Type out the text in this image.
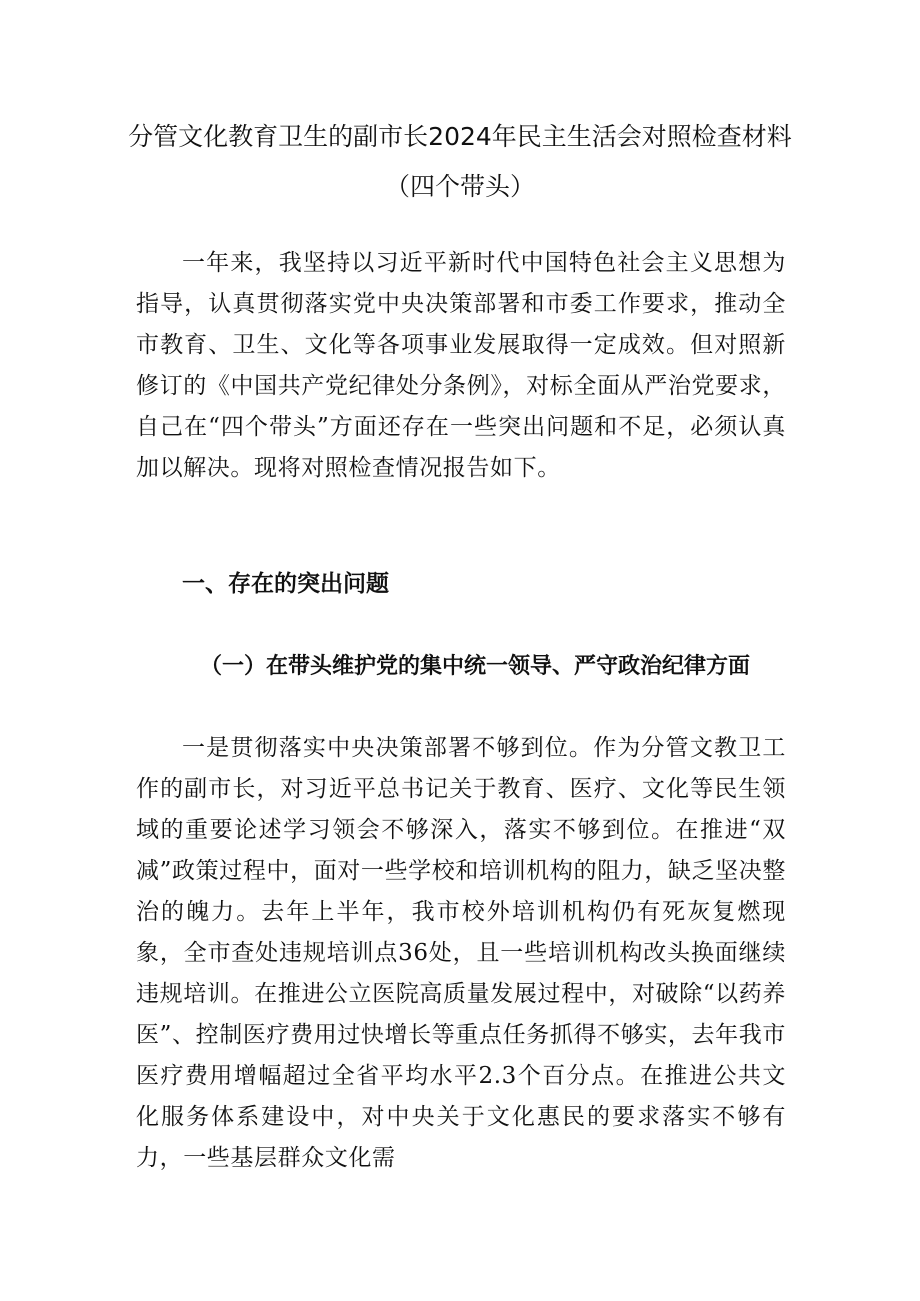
分管文化教育卫生的副市长2024年民主生活会对照检查材料（四个带头）

一年来，我坚持以习近平新时代中国特色社会主义思想为指导，认真贯彻落实党中央决策部署和市委工作要求，推动全市教育、卫生、文化等各项事业发展取得一定成效。但对照新修订的《中国共产党纪律处分条例》，对标全面从严治党要求，自己在“四个带头”方面还存在一些突出问题和不足，必须认真加以解决。现将对照检查情况报告如下。

一、存在的突出问题
（一）在带头维护党的集中统一领导、严守政治纪律方面

一是贯彻落实中央决策部署不够到位。作为分管文教卫工作的副市长，对习近平总书记关于教育、医疗、文化等民生领域的重要论述学习领会不够深入，落实不够到位。在推进“双减”政策过程中，面对一些学校和培训机构的阻力，缺乏坚决整治的魄力。去年上半年，我市校外培训机构仍有死灰复燃现象，全市查处违规培训点36处，且一些培训机构改头换面继续违规培训。在推进公立医院高质量发展过程中，对破除“以药养医”、控制医疗费用过快增长等重点任务抓得不够实，去年我市医疗费用增幅超过全省平均水平2.3个百分点。在推进公共文化服务体系建设中，对中央关于文化惠民的要求落实不够有力，一些基层群众文化需
